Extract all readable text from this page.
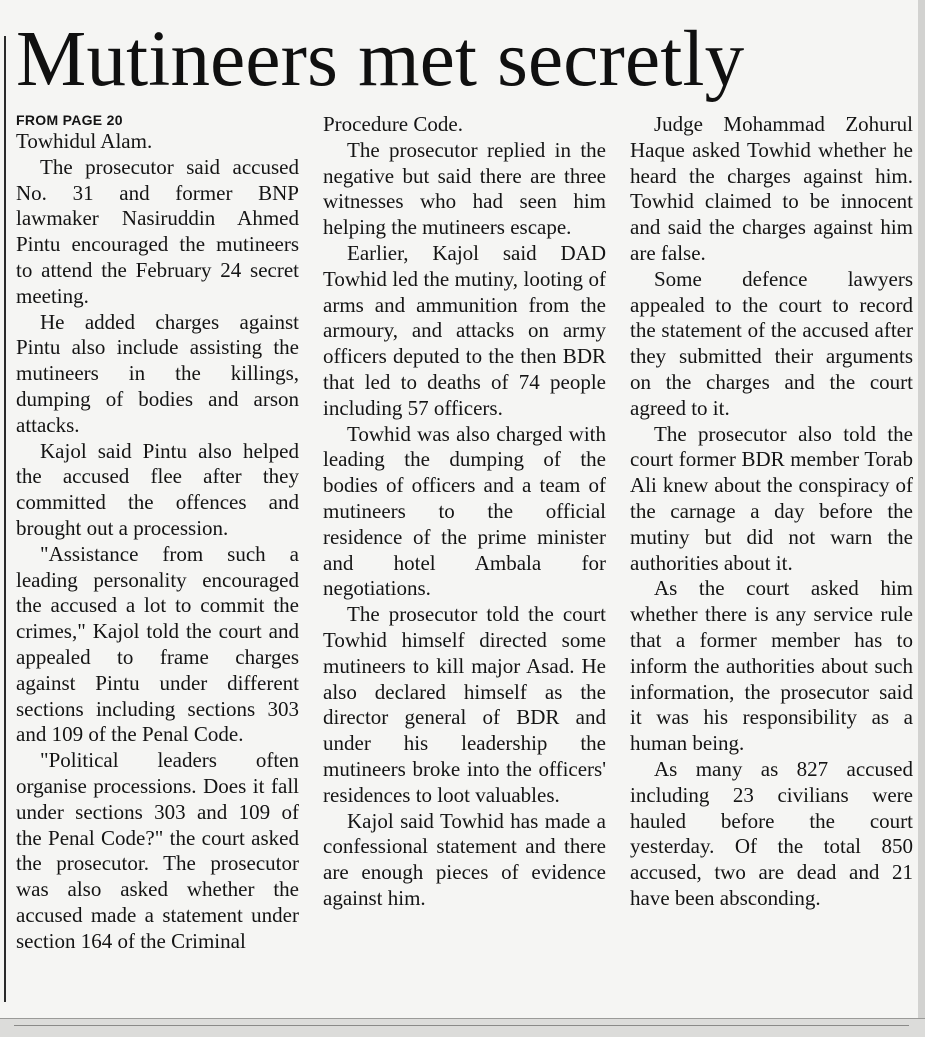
Mutineers met secretly
FROM PAGE 20

Towhidul Alam.

The prosecutor said accused No. 31 and former BNP lawmaker Nasiruddin Ahmed Pintu encouraged the mutineers to attend the February 24 secret meeting.

He added charges against Pintu also include assisting the mutineers in the killings, dumping of bodies and arson attacks.

Kajol said Pintu also helped the accused flee after they committed the offences and brought out a procession.

"Assistance from such a leading personality encouraged the accused a lot to commit the crimes," Kajol told the court and appealed to frame charges against Pintu under different sections including sections 303 and 109 of the Penal Code.

"Political leaders often organise processions. Does it fall under sections 303 and 109 of the Penal Code?" the court asked the prosecutor. The prosecutor was also asked whether the accused made a statement under section 164 of the Criminal

Procedure Code.

The prosecutor replied in the negative but said there are three witnesses who had seen him helping the mutineers escape.

Earlier, Kajol said DAD Towhid led the mutiny, looting of arms and ammunition from the armoury, and attacks on army officers deputed to the then BDR that led to deaths of 74 people including 57 officers.

Towhid was also charged with leading the dumping of the bodies of officers and a team of mutineers to the official residence of the prime minister and hotel Ambala for negotiations.

The prosecutor told the court Towhid himself directed some mutineers to kill major Asad. He also declared himself as the director general of BDR and under his leadership the mutineers broke into the officers' residences to loot valuables.

Kajol said Towhid has made a confessional statement and there are enough pieces of evidence against him.

Judge Mohammad Zohurul Haque asked Towhid whether he heard the charges against him. Towhid claimed to be innocent and said the charges against him are false.

Some defence lawyers appealed to the court to record the statement of the accused after they submitted their arguments on the charges and the court agreed to it.

The prosecutor also told the court former BDR member Torab Ali knew about the conspiracy of the carnage a day before the mutiny but did not warn the authorities about it.

As the court asked him whether there is any service rule that a former member has to inform the authorities about such information, the prosecutor said it was his responsibility as a human being.

As many as 827 accused including 23 civilians were hauled before the court yesterday. Of the total 850 accused, two are dead and 21 have been absconding.
